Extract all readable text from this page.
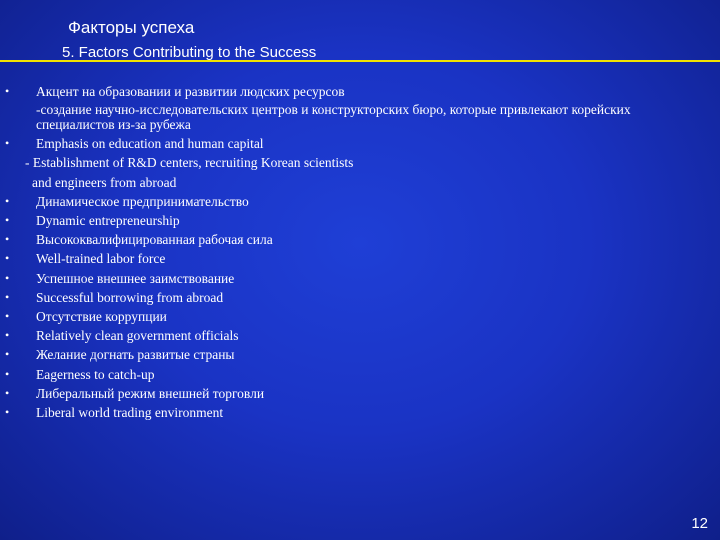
Факторы успеха
5. Factors Contributing to the Success
• Акцент на образовании и развитии людских ресурсов
-создание научно-исследовательских центров и конструкторских бюро, которые привлекают корейских специалистов из-за рубежа
• Emphasis on education and human capital
- Establishment of R&D centers, recruiting Korean scientists
and engineers from abroad
• Динамическое предпринимательство
• Dynamic entrepreneurship
• Высококвалифицированная рабочая сила
• Well-trained labor force
• Успешное внешнее заимствование
• Successful borrowing from abroad
• Отсутствие коррупции
• Relatively clean government officials
• Желание догнать развитые страны
• Eagerness to catch-up
• Либеральный режим внешней торговли
• Liberal world trading environment
12
